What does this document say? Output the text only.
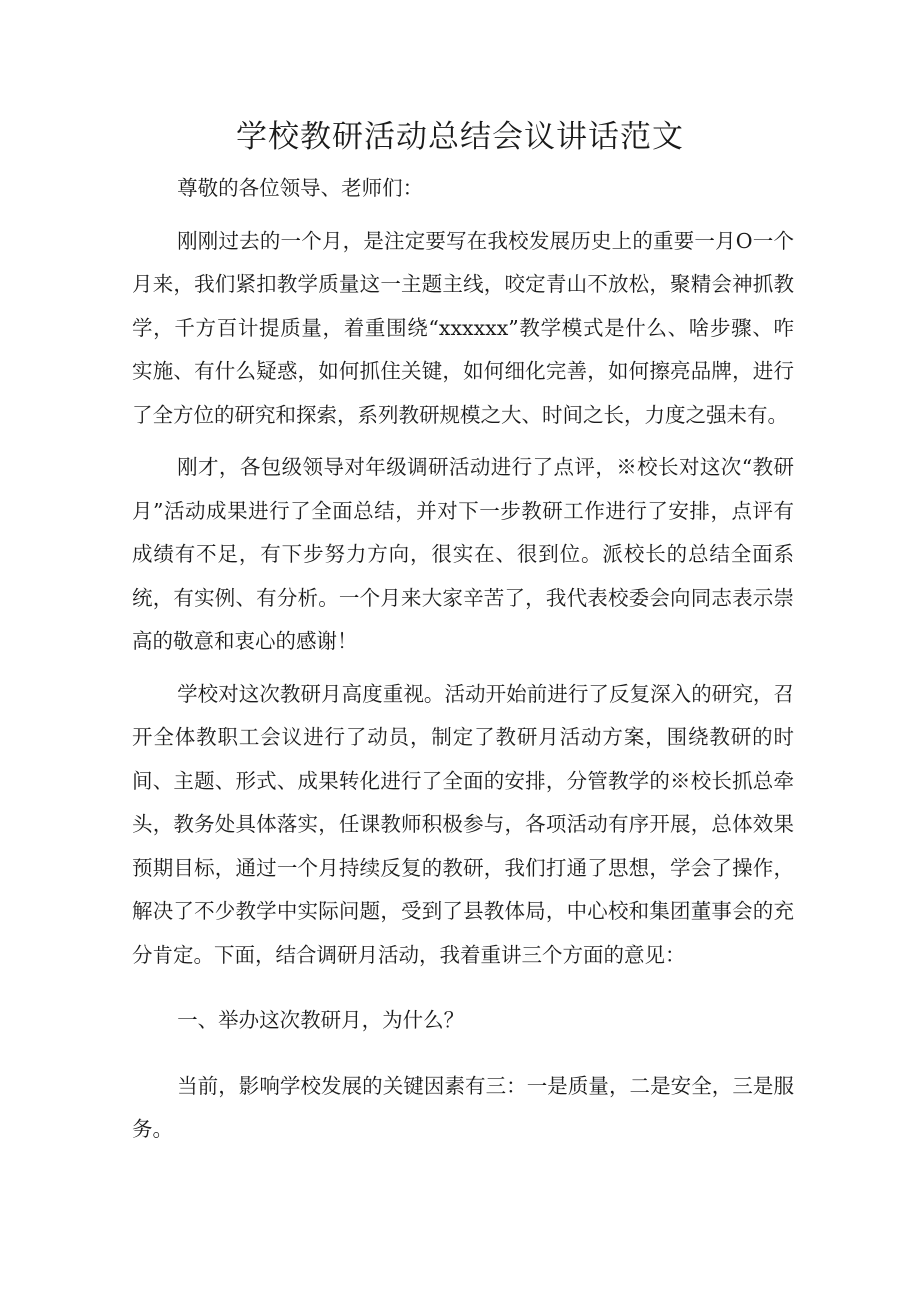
学校教研活动总结会议讲话范文

尊敬的各位领导、老师们：

刚刚过去的一个月，是注定要写在我校发展历史上的重要一月O一个月来，我们紧扣教学质量这一主题主线，咬定青山不放松，聚精会神抓教学，千方百计提质量，着重围绕“xxxxxx”教学模式是什么、啥步骤、咋实施、有什么疑惑，如何抓住关键，如何细化完善，如何擦亮品牌，进行了全方位的研究和探索，系列教研规模之大、时间之长，力度之强未有。

刚才，各包级领导对年级调研活动进行了点评，※校长对这次“教研月”活动成果进行了全面总结，并对下一步教研工作进行了安排，点评有成绩有不足，有下步努力方向，很实在、很到位。派校长的总结全面系统，有实例、有分析。一个月来大家辛苦了，我代表校委会向同志表示崇高的敬意和衷心的感谢！

学校对这次教研月高度重视。活动开始前进行了反复深入的研究，召开全体教职工会议进行了动员，制定了教研月活动方案，围绕教研的时间、主题、形式、成果转化进行了全面的安排，分管教学的※校长抓总牵头，教务处具体落实，任课教师积极参与，各项活动有序开展，总体效果预期目标，通过一个月持续反复的教研，我们打通了思想，学会了操作，解决了不少教学中实际问题，受到了县教体局，中心校和集团董事会的充分肯定。下面，结合调研月活动，我着重讲三个方面的意见：

一、举办这次教研月，为什么？

当前，影响学校发展的关键因素有三：一是质量，二是安全，三是服务。
